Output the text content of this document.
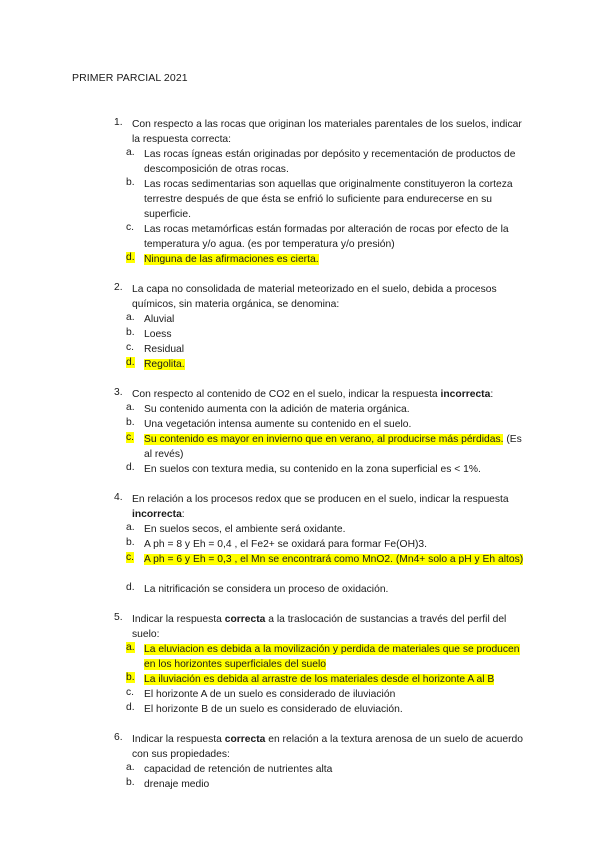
PRIMER PARCIAL 2021
1. Con respecto a las rocas que originan los materiales parentales de los suelos, indicar la respuesta correcta:
a. Las rocas ígneas están originadas por depósito y recementación de productos de descomposición de otras rocas.
b. Las rocas sedimentarias son aquellas que originalmente constituyeron la corteza terrestre después de que ésta se enfrió lo suficiente para endurecerse en su superficie.
c. Las rocas metamórficas están formadas por alteración de rocas por efecto de la temperatura y/o agua. (es por temperatura y/o presión)
d. Ninguna de las afirmaciones es cierta.
2. La capa no consolidada de material meteorizado en el suelo, debida a procesos químicos, sin materia orgánica, se denomina:
a. Aluvial
b. Loess
c. Residual
d. Regolita.
3. Con respecto al contenido de CO2 en el suelo, indicar la respuesta incorrecta:
a. Su contenido aumenta con la adición de materia orgánica.
b. Una vegetación intensa aumente su contenido en el suelo.
c. Su contenido es mayor en invierno que en verano, al producirse más pérdidas. (Es al revés)
d. En suelos con textura media, su contenido en la zona superficial es < 1%.
4. En relación a los procesos redox que se producen en el suelo, indicar la respuesta incorrecta:
a. En suelos secos, el ambiente será oxidante.
b. A ph = 8 y Eh = 0,4 , el Fe2+ se oxidará para formar Fe(OH)3.
c. A ph = 6 y Eh = 0,3 , el Mn se encontrará como MnO2. (Mn4+ solo a pH y Eh altos)
d. La nitrificación se considera un proceso de oxidación.
5. Indicar la respuesta correcta a la traslocación de sustancias a través del perfil del suelo:
a. La eluviacion es debida a la movilización y perdida de materiales que se producen en los horizontes superficiales del suelo
b. La iluviación es debida al arrastre de los materiales desde el horizonte A al B
c. El horizonte A de un suelo es considerado de iluviación
d. El horizonte B de un suelo es considerado de eluviación.
6. Indicar la respuesta correcta en relación a la textura arenosa de un suelo de acuerdo con sus propiedades:
a. capacidad de retención de nutrientes alta
b. drenaje medio
